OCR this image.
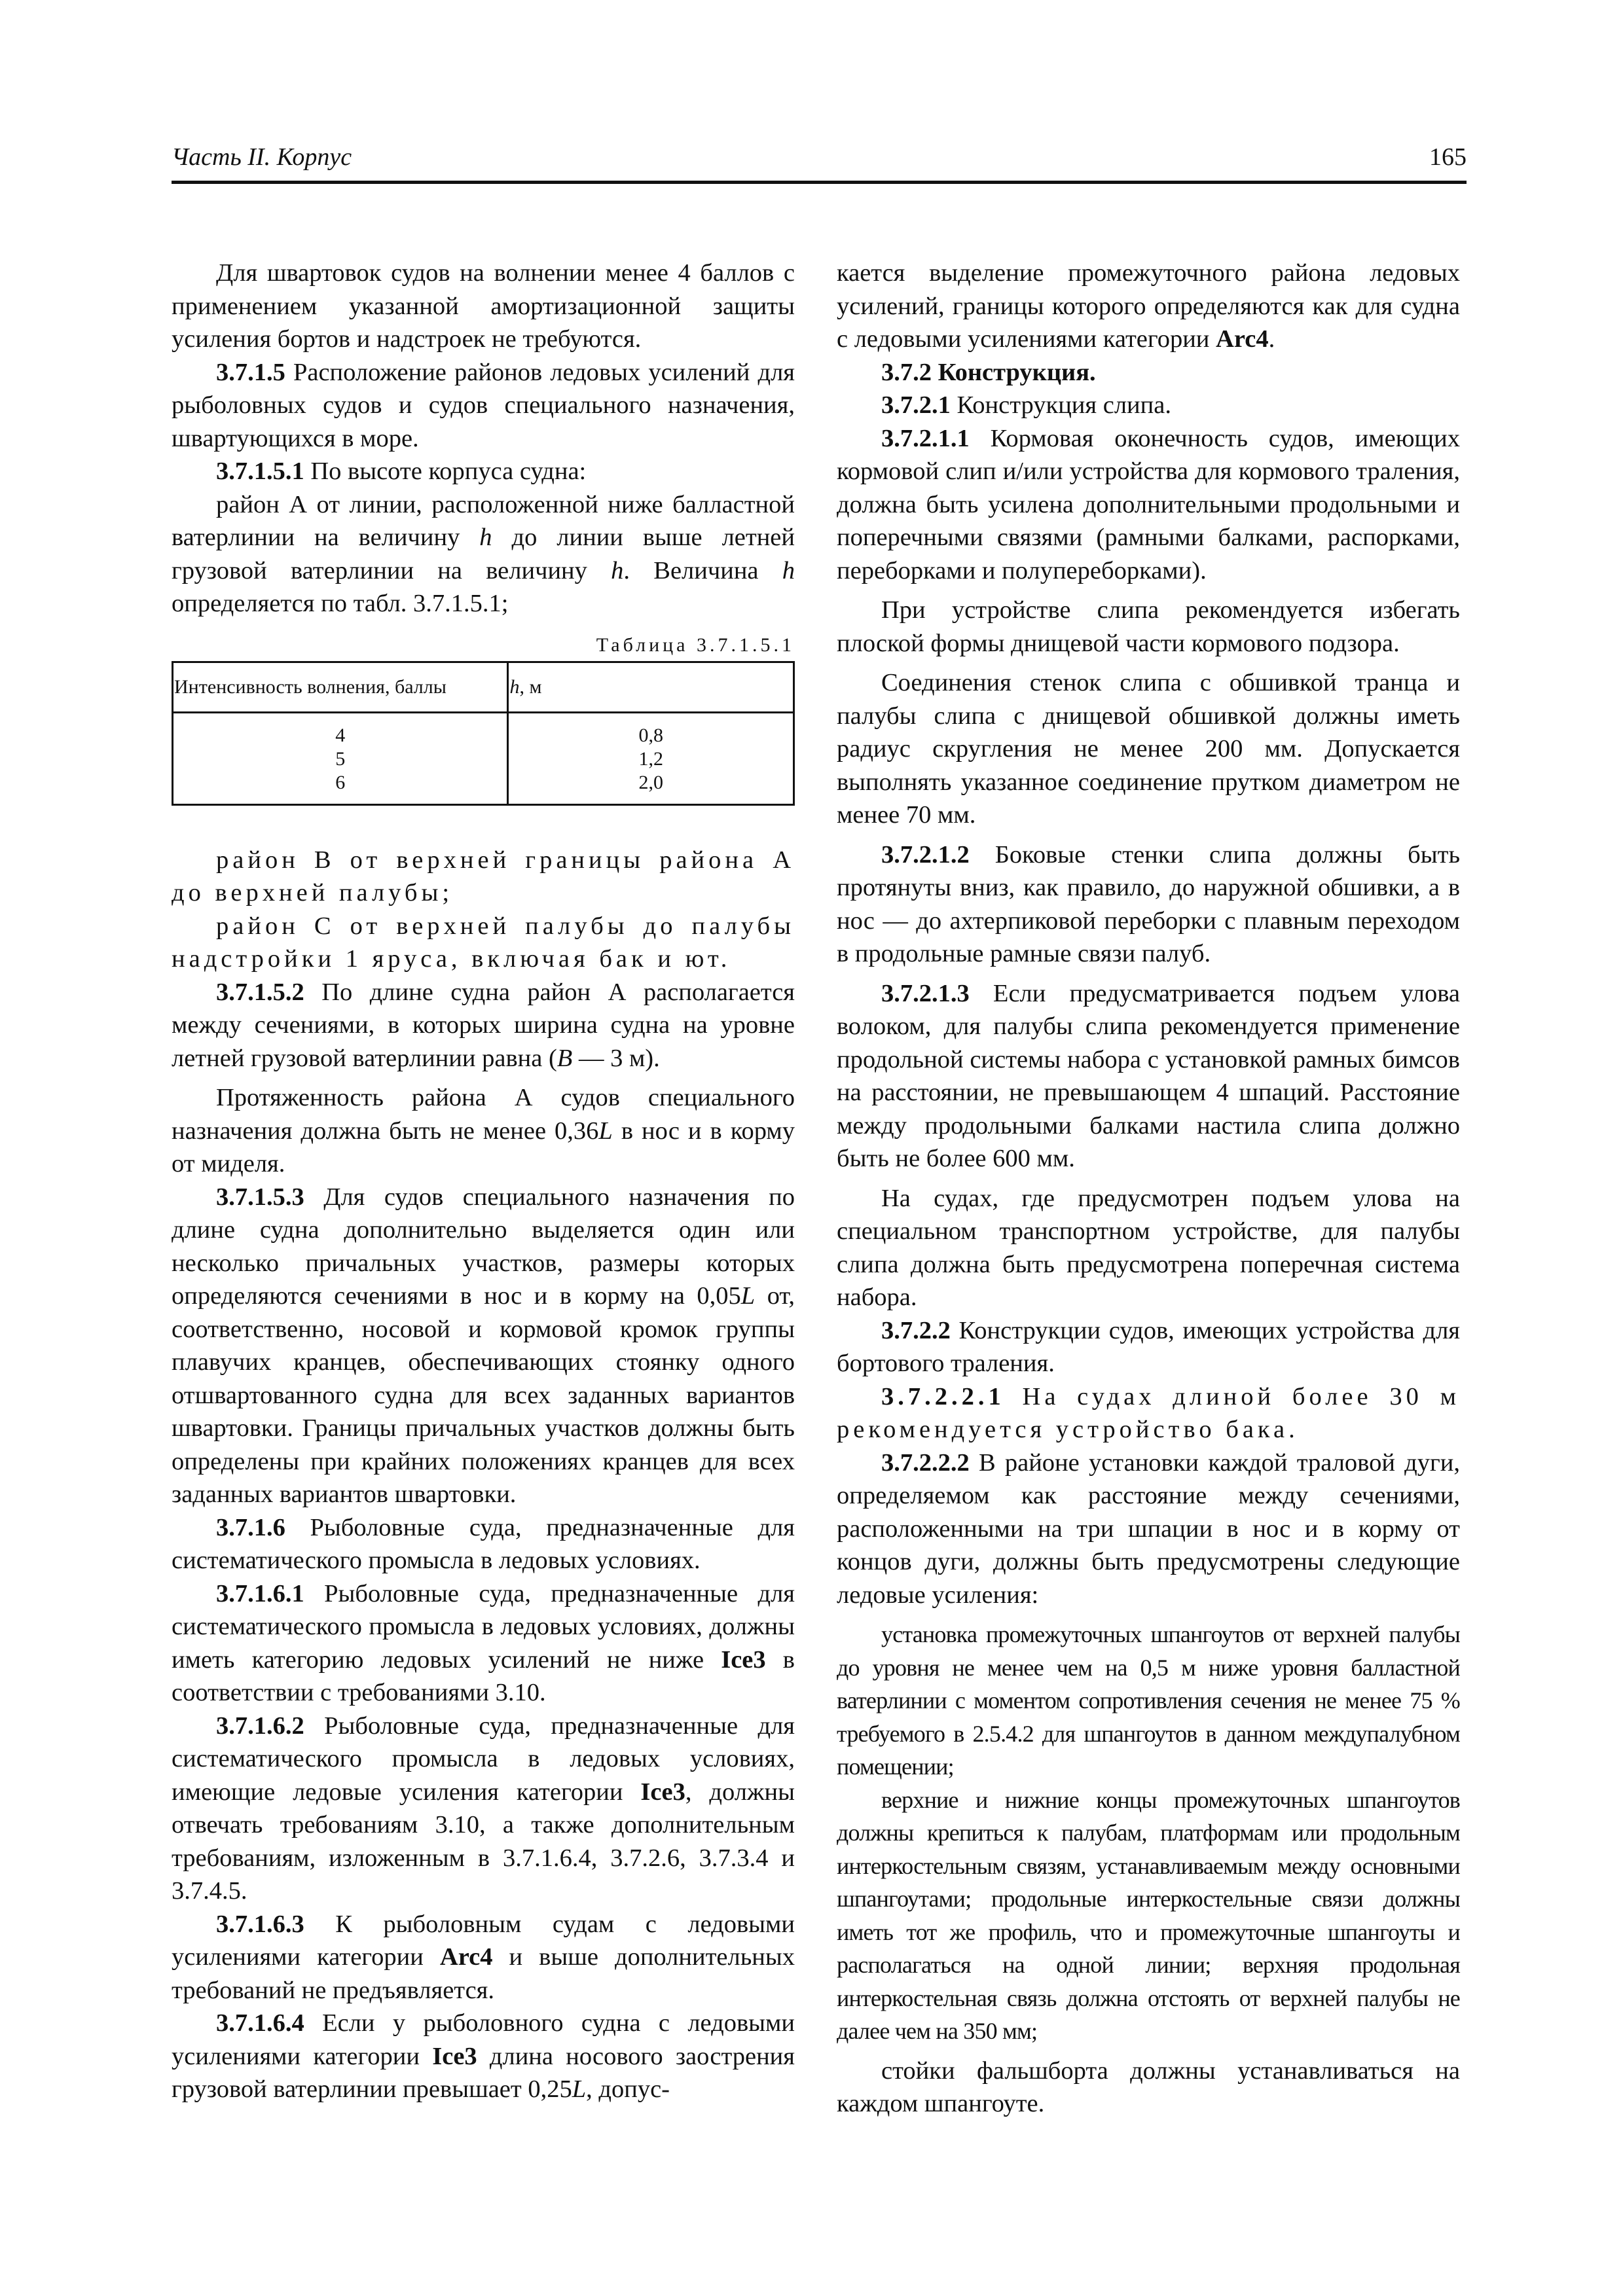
Часть II. Корпус	165

Для швартовок судов на волнении менее 4 баллов с применением указанной амортизационной защиты усиления бортов и надстроек не требуются.

3.7.1.5 Расположение районов ледовых усилений для рыболовных судов и судов специального назначения, швартующихся в море.

3.7.1.5.1 По высоте корпуса судна:

район А от линии, расположенной ниже балластной ватерлинии на величину h до линии выше летней грузовой ватерлинии на величину h. Величина h определяется по табл. 3.7.1.5.1;

Таблица 3.7.1.5.1
Интенсивность волнения, баллы	h, м
4	0,8
5	1,2
6	2,0

район В от верхней границы района А до верхней палубы;

район С от верхней палубы до палубы надстройки 1 яруса, включая бак и ют.

3.7.1.5.2 По длине судна район А располагается между сечениями, в которых ширина судна на уровне летней грузовой ватерлинии равна (B — 3 м).

Протяженность района А судов специального назначения должна быть не менее 0,36L в нос и в корму от миделя.

3.7.1.5.3 Для судов специального назначения по длине судна дополнительно выделяется один или несколько причальных участков, размеры которых определяются сечениями в нос и в корму на 0,05L от, соответственно, носовой и кормовой кромок группы плавучих кранцев, обеспечивающих стоянку одного отшвартованного судна для всех заданных вариантов швартовки. Границы причальных участков должны быть определены при крайних положениях кранцев для всех заданных вариантов швартовки.

3.7.1.6 Рыболовные суда, предназначенные для систематического промысла в ледовых условиях.

3.7.1.6.1 Рыболовные суда, предназначенные для систематического промысла в ледовых условиях, должны иметь категорию ледовых усилений не ниже Ice3 в соответствии с требованиями 3.10.

3.7.1.6.2 Рыболовные суда, предназначенные для систематического промысла в ледовых условиях, имеющие ледовые усиления категории Ice3, должны отвечать требованиям 3.10, а также дополнительным требованиям, изложенным в 3.7.1.6.4, 3.7.2.6, 3.7.3.4 и 3.7.4.5.

3.7.1.6.3 К рыболовным судам с ледовыми усилениями категории Arc4 и выше дополнительных требований не предъявляется.

3.7.1.6.4 Если у рыболовного судна с ледовыми усилениями категории Ice3 длина носового заострения грузовой ватерлинии превышает 0,25L, допус-

кается выделение промежуточного района ледовых усилений, границы которого определяются как для судна с ледовыми усилениями категории Arc4.

3.7.2 Конструкция.

3.7.2.1 Конструкция слипа.

3.7.2.1.1 Кормовая оконечность судов, имеющих кормовой слип и/или устройства для кормового траления, должна быть усилена дополнительными продольными и поперечными связями (рамными балками, распорками, переборками и полупереборками).

При устройстве слипа рекомендуется избегать плоской формы днищевой части кормового подзора.

Соединения стенок слипа с обшивкой транца и палубы слипа с днищевой обшивкой должны иметь радиус скругления не менее 200 мм. Допускается выполнять указанное соединение прутком диаметром не менее 70 мм.

3.7.2.1.2 Боковые стенки слипа должны быть протянуты вниз, как правило, до наружной обшивки, а в нос — до ахтерпиковой переборки с плавным переходом в продольные рамные связи палуб.

3.7.2.1.3 Если предусматривается подъем улова волоком, для палубы слипа рекомендуется применение продольной системы набора с установкой рамных бимсов на расстоянии, не превышающем 4 шпаций. Расстояние между продольными балками настила слипа должно быть не более 600 мм.

На судах, где предусмотрен подъем улова на специальном транспортном устройстве, для палубы слипа должна быть предусмотрена поперечная система набора.

3.7.2.2 Конструкции судов, имеющих устройства для бортового траления.

3.7.2.2.1 На судах длиной более 30 м рекомендуется устройство бака.

3.7.2.2.2 В районе установки каждой траловой дуги, определяемом как расстояние между сечениями, расположенными на три шпации в нос и в корму от концов дуги, должны быть предусмотрены следующие ледовые усиления:

установка промежуточных шпангоутов от верхней палубы до уровня не менее чем на 0,5 м ниже уровня балластной ватерлинии с моментом сопротивления сечения не менее 75 % требуемого в 2.5.4.2 для шпангоутов в данном междупалубном помещении;

верхние и нижние концы промежуточных шпангоутов должны крепиться к палубам, платформам или продольным интеркостельным связям, устанавливаемым между основными шпангоутами; продольные интеркостельные связи должны иметь тот же профиль, что и промежуточные шпангоуты и располагаться на одной линии; верхняя продольная интеркостельная связь должна отстоять от верхней палубы не далее чем на 350 мм;

стойки фальшборта должны устанавливаться на каждом шпангоуте.
